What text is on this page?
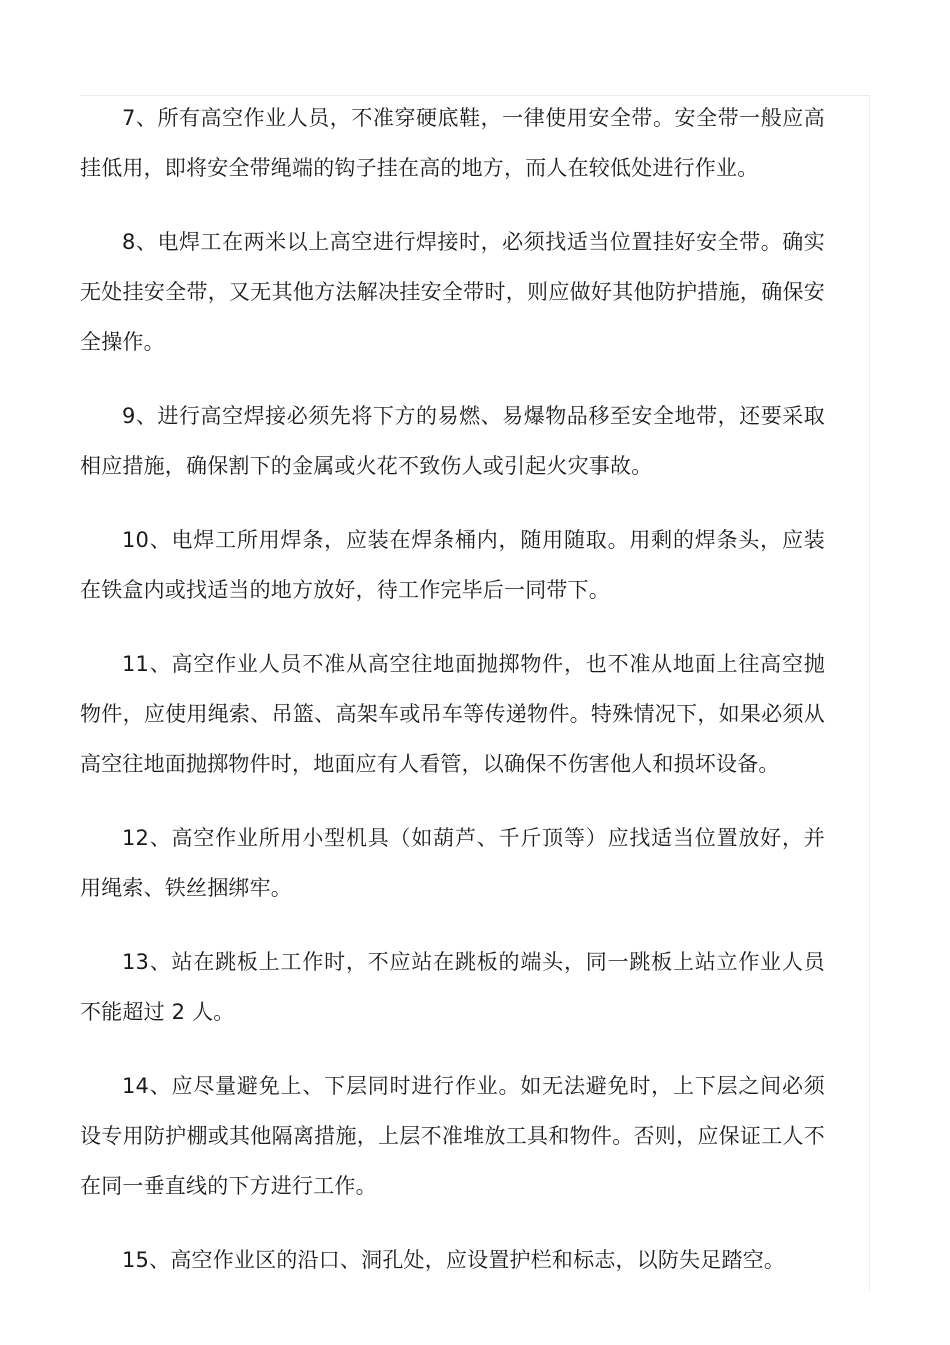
7、所有高空作业人员，不准穿硬底鞋，一律使用安全带。安全带一般应高挂低用，即将安全带绳端的钩子挂在高的地方，而人在较低处进行作业。

8、电焊工在两米以上高空进行焊接时，必须找适当位置挂好安全带。确实无处挂安全带，又无其他方法解决挂安全带时，则应做好其他防护措施，确保安全操作。

9、进行高空焊接必须先将下方的易燃、易爆物品移至安全地带，还要采取相应措施，确保割下的金属或火花不致伤人或引起火灾事故。

10、电焊工所用焊条，应装在焊条桶内，随用随取。用剩的焊条头，应装在铁盒内或找适当的地方放好，待工作完毕后一同带下。

11、高空作业人员不准从高空往地面抛掷物件，也不准从地面上往高空抛物件，应使用绳索、吊篮、高架车或吊车等传递物件。特殊情况下，如果必须从高空往地面抛掷物件时，地面应有人看管，以确保不伤害他人和损坏设备。

12、高空作业所用小型机具（如葫芦、千斤顶等）应找适当位置放好，并用绳索、铁丝捆绑牢。

13、站在跳板上工作时，不应站在跳板的端头，同一跳板上站立作业人员不能超过 2 人。

14、应尽量避免上、下层同时进行作业。如无法避免时，上下层之间必须设专用防护棚或其他隔离措施，上层不准堆放工具和物件。否则，应保证工人不在同一垂直线的下方进行工作。

15、高空作业区的沿口、洞孔处，应设置护栏和标志，以防失足踏空。
